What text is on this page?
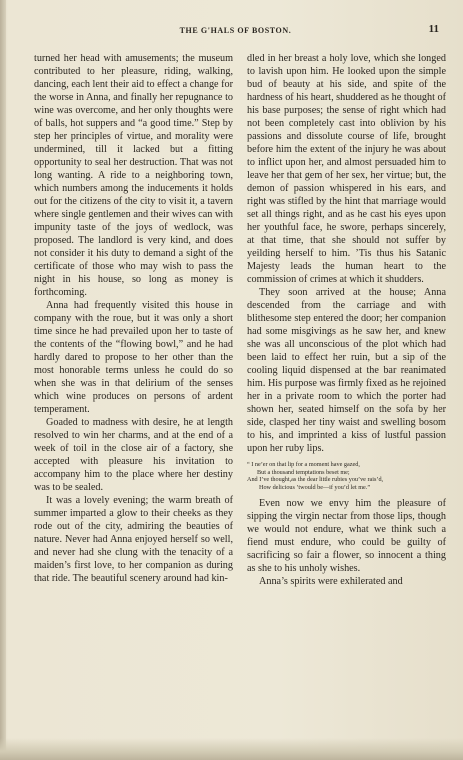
THE G'HALS OF BOSTON.	11

turned her head with amusements; the museum contributed to her pleasure, riding, walking, dancing, each lent their aid to effect a change for the worse in Anna, and finally her repugnance to wine was overcome, and her only thoughts were of balls, hot suppers and “a good time.” Step by step her principles of virtue, and morality were undermined, till it lacked but a fitting opportunity to seal her destruction. That was not long wanting. A ride to a neighboring town, which numbers among the inducements it holds out for the citizens of the city to visit it, a tavern where single gentlemen and their wives can with impunity taste of the joys of wedlock, was proposed. The landlord is very kind, and does not consider it his duty to demand a sight of the certificate of those who may wish to pass the night in his house, so long as money is forthcoming.

Anna had frequently visited this house in company with the roue, but it was only a short time since he had prevailed upon her to taste of the contents of the “flowing bowl,” and he had hardly dared to propose to her other than the most honorable terms unless he could do so when she was in that delirium of the senses which wine produces on persons of ardent temperament.

Goaded to madness with desire, he at length resolved to win her charms, and at the end of a week of toil in the close air of a factory, she accepted with pleasure his invitation to accompany him to the place where her destiny was to be sealed.

It was a lovely evening; the warm breath of summer imparted a glow to their cheeks as they rode out of the city, admiring the beauties of nature. Never had Anna enjoyed herself so well, and never had she clung with the tenacity of a maiden’s first love, to her companion as during that ride. The beautiful scenery around had kin-

dled in her breast a holy love, which she longed to lavish upon him. He looked upon the simple bud of beauty at his side, and spite of the hardness of his heart, shuddered as he thought of his base purposes; the sense of right which had not been completely cast into oblivion by his passions and dissolute course of life, brought before him the extent of the injury he was about to inflict upon her, and almost persuaded him to leave her that gem of her sex, her virtue; but, the demon of passion whispered in his ears, and right was stifled by the hint that marriage would set all things right, and as he cast his eyes upon her youthful face, he swore, perhaps sincerely, at that time, that she should not suffer by yeilding herself to him. ’Tis thus his Satanic Majesty leads the human heart to the commission of crimes at which it shudders.

They soon arrived at the house; Anna descended from the carriage and with blithesome step entered the door; her companion had some misgivings as he saw her, and knew she was all unconscious of the plot which had been laid to effect her ruin, but a sip of the cooling liquid dispensed at the bar reanimated him. His purpose was firmly fixed as he rejoined her in a private room to which the porter had shown her, seated himself on the sofa by her side, clasped her tiny waist and swelling bosom to his, and imprinted a kiss of lustful passion upon her ruby lips.

“ I ne’er on that lip for a moment have gazed,
But a thousand temptations beset me;
And I’ve thought,as the dear little rubies you’ve rais’d,
How delicious ’twould be—if you’d let me.”

Even now we envy him the pleasure of sipping the virgin nectar from those lips, though we would not endure, what we think such a fiend must endure, who could be guilty of sacrificing so fair a flower, so innocent a thing as she to his unholy wishes.

Anna’s spirits were exhilerated and
